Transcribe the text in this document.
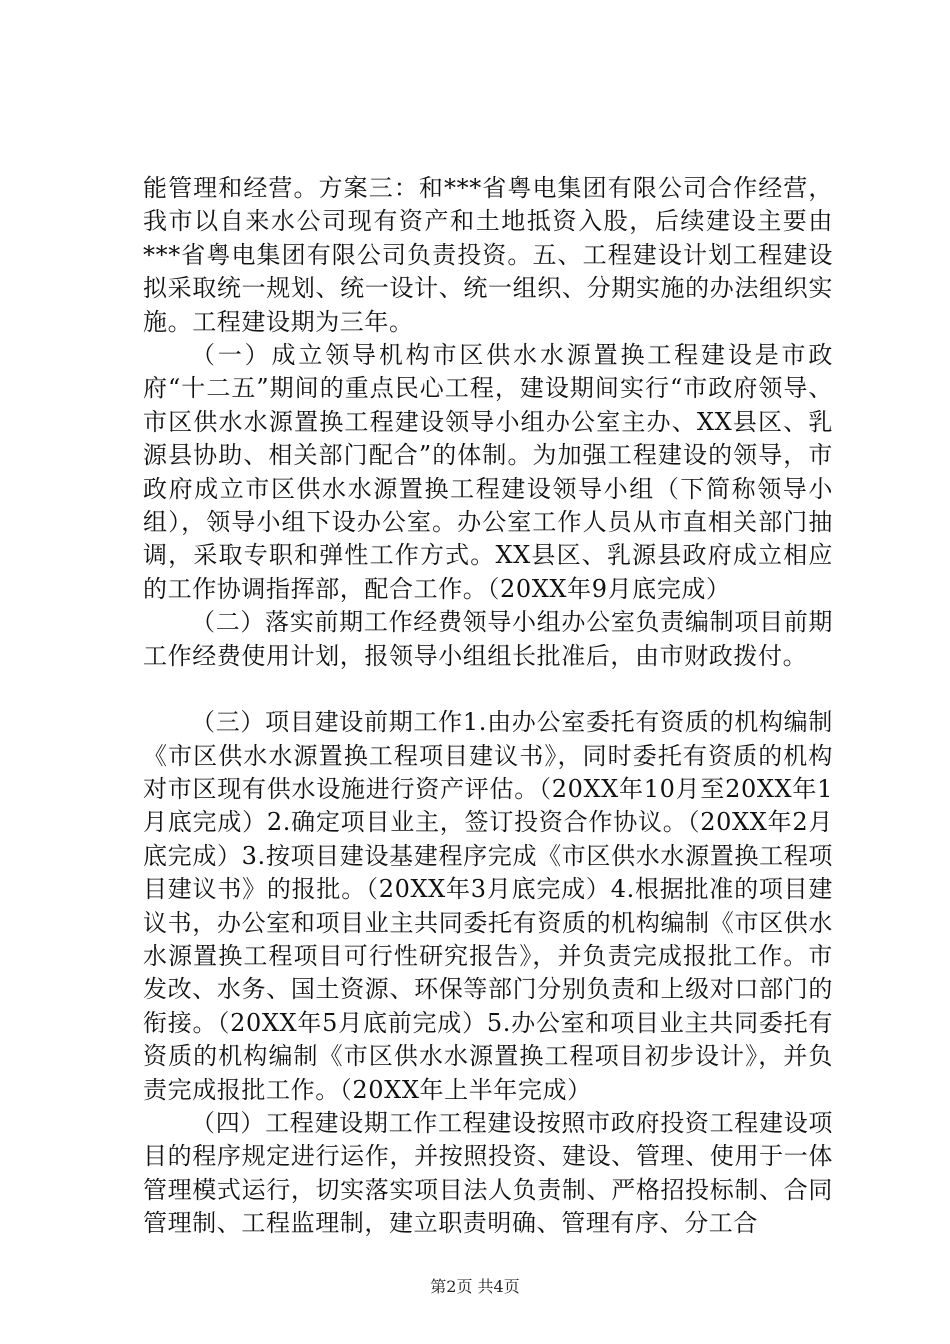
能管理和经营。方案三：和***省粤电集团有限公司合作经营，我市以自来水公司现有资产和土地抵资入股，后续建设主要由***省粤电集团有限公司负责投资。五、工程建设计划工程建设拟采取统一规划、统一设计、统一组织、分期实施的办法组织实施。工程建设期为三年。

（一）成立领导机构市区供水水源置换工程建设是市政府“十二五”期间的重点民心工程，建设期间实行“市政府领导、市区供水水源置换工程建设领导小组办公室主办、XX县区、乳源县协助、相关部门配合”的体制。为加强工程建设的领导，市政府成立市区供水水源置换工程建设领导小组（下简称领导小组），领导小组下设办公室。办公室工作人员从市直相关部门抽调，采取专职和弹性工作方式。XX县区、乳源县政府成立相应的工作协调指挥部，配合工作。（20XX年9月底完成）

（二）落实前期工作经费领导小组办公室负责编制项目前期工作经费使用计划，报领导小组组长批准后，由市财政拨付。

（三）项目建设前期工作1.由办公室委托有资质的机构编制《市区供水水源置换工程项目建议书》，同时委托有资质的机构对市区现有供水设施进行资产评估。（20XX年10月至20XX年1月底完成）2.确定项目业主，签订投资合作协议。（20XX年2月底完成）3.按项目建设基建程序完成《市区供水水源置换工程项目建议书》的报批。（20XX年3月底完成）4.根据批准的项目建议书，办公室和项目业主共同委托有资质的机构编制《市区供水水源置换工程项目可行性研究报告》，并负责完成报批工作。市发改、水务、国土资源、环保等部门分别负责和上级对口部门的衔接。（20XX年5月底前完成）5.办公室和项目业主共同委托有资质的机构编制《市区供水水源置换工程项目初步设计》，并负责完成报批工作。（20XX年上半年完成）

（四）工程建设期工作工程建设按照市政府投资工程建设项目的程序规定进行运作，并按照投资、建设、管理、使用于一体管理模式运行，切实落实项目法人负责制、严格招投标制、合同管理制、工程监理制，建立职责明确、管理有序、分工合

第2页 共4页
